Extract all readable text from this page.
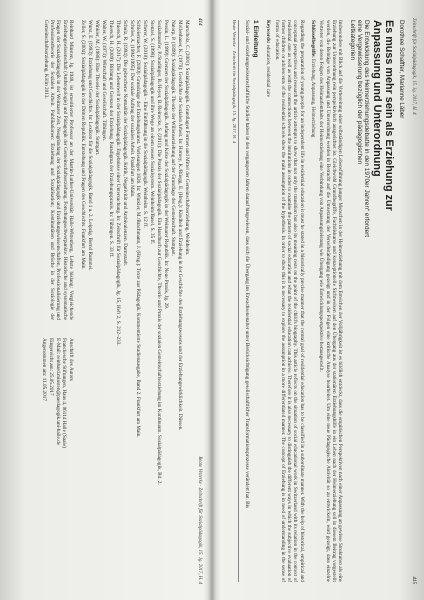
414
Beate Vetterke · Zeitschrift für Sozialpädagogik, 15. Jg. 2017, H. 4

Marxcholz, C. (2001): Sozialpädagogik. Grundlagen Formen und Mittel der Gemeinschaftserziehung. Weinheim.

Mollenhauer, K. (1970): Geschichte der Sozialen Arbeit. In: Homey, K./Rüegg, E. (Hrsg.): Kindheit und Erziehung in der Geschichte des Erziehungswesens und der Erziehungswirklichkeit. Düssen.

Natorp, P. (1899): Sozialpädagogik. Theorie der Willenserziehung auf der Grundlage der Gemeinschaft. Stuttgart.

Pessin, L. (1999): Grenzen der Sozialpädagogik. Anfang und Krise der Sozialpädagogik in der Weimarer Republik. In: Neue Praxis, Jg. 29.

Sozialtransfer, P./Stadinger, B./Heyer, B./Reinecke, S. (2011): Die Praxis der Sozialpädagogik. Ein Handbuch zur Geschichte, Theorie und Praxis der sozialen Gemeinschaftserziehung im Kontinuum. Sozialpädagogik, Bd. 2.

Stenzel, S. (1998): Sozialpädagogik und ihre Wege an einem neuen Sozialsystem. Weinheim/Basel, S. 35 ff.

Scherer, W. (2010): Sozialpädagogik – Eine Einführung in die Sozialpädagogik. Weinheim. S. 12 ff.

Schleiermacher, F. (2000): Grundzüge der Erziehungskunst. Vorlesungen 1826. In: Winkler, M./Brachmann, J. (Hrsg.): Texte zur Pädagogik. Kommentierte Studienausgabe, Band 2. Frankfurt am Main.

Schröer, A. (1994/1995): Der soziale Auftrag der sozialen Arbeit. Frankfurt am Main.

Schulz, R. (1994): Die gebrochene Normalität der Sozialpädagogik. Kritik, Negativität und Ambivalenzen. Darmstadt.

Thiersch, H. (2017): Die Lebenswelt in der Sozialpädagogik: Ergebnisse einer Untersuchung. In: Zeitschrift für Sozialpädagogik, Jg. 15, Heft 2, S. 212–233.

Thiersch, H. (2009): Bildung und Grenzen der Erziehung. Paradigma der Erziehungspraxis. In: Tübingen. S. 33 ff.

Walter, W. (1973): Wirtschaft und Gesellschaft. Tübingen.

Winkler, M. (1988): Eine Theorie der Sozialpädagogik. Stuttgart.

Wurst, E. (1993): Erziehung und Geschichte. In: Lexikon für die Sozialpädagogik. Band 1 u. 2. Leipzig. Bernd Rummel.

Zeller, S. (2004): Sozialpädagogik in der Dritten Republik. Entstehung und Fragen des Geschlechts. Frankfurt am Main.

Reinhard Minsten, Jg. 1948, ist emeritierter Professor an der Martin-Luther-Universität Halle-Wittenberg. Lehrte bislang: Vergleichende Erziehungswissenschaft (Anthropologie) und Pädagogik der Gemeinschaftserziehung. Forschungsschwerpunkte: Historische und systematische Fragen der Sozialpädagogik in der Weimarer Zeit, Neugründung der Sozialpädagogik und Erziehungswissenschaften, Professionalisierung und Professionstheorie der Sozialen Arbeit. Publikationen: Erziehung und Sozialisation; Kontinuitäten und Brüche in der Soziologie der Gemeinschaftserziehung, Kölln 2013.
Anschrift des Autors
Franckesche Stiftungen, Haus 4, 06114 Halle (Saale)
E-Mail: reinhard.minsten@paedagogik.uni-halle.de
Eingereicht am: 25.05.2017
Angenommen am: 11.05.2017
Zeitschrift für Sozialpädagogik, 15. Jg. 2017, H. 4
415
Dorothee Schaffter, Marianne Läber
Es muss mehr sein als Erziehung zur
Anpassung und Unterordnung
Die Entwicklung des Heimerziehungsdebatte in den 1970er Jahren“ erfordert
eine Vergewisserung bezüglich der pädagogischen
Leitkategorien
Insbesondere mit Blick auf die Vorbereitung einer selbständigen Lebensführung junger Menschen in der Heimerziehung mit dem Erreichen der Volljährigkeit ist es bildlich entdeckt, dass die empirischen Perspektiven nach einer Anpassung an gewisse Strukturen als eine Erziehung zur Unterordnung rein perspektivisch ausgerichtet ist. Gleichwohl Grundbegriffe, Fachdiskurse und konzeptionelle Sichtweisen auf den Übergang aus der stationären Erziehungshilfe in ein Leben nach der Heimerziehung soll in diesem Beitrag vorgestellt werden, die Beiträge von Anpassung und Unterordnung werden in Betracht auf die Umsetzung der Verselbständigung gezeigt und in der Folgen eine kritische Analyse bearbeitet. Um eine neue Pädagogische Aktivität so zu entwickeln, wird gezeigt, dass einzelne Vertreter von deren Folgen des Heimaufenthalts der Heimerziehung eine Verbindung von Anpassungsleistung wie Übergang wie Entwicklungsperspektive herausgestellt.
Schlüsselbegriffe: Erziehung, Anpassung, Heimerziehung
Regarding the preparation of young people for an independent life in residential education it must be stated in a historically precise manner that the central goal of residential education has to be classified in a subordinate manner. With the help of historical, empirical and conceptual perspectives and research the article attempts to show that not only the transition but also its meaning rests on the point of the child's biography. This article reflects on the situation of social educational work in Switzerland with its relation in the context of residential care as well as with the connections between the institutions in order to examine the pattern of social education and what the residential education can achieve. Therefore it is also necessary to distinguish the different ways in which the subjective evaluation of former children or adolescents of the residential schools show the main assumption of the hypothesis. In order to show this it is necessary to explore the assumption in a more differentiated manner. The concept of Erziehung is in need of understanding in the sense of forms of education.
Keywords: education, residential care
1 Einleitung
Sozial- und erziehungswissenschaftliche Studien haben in den vergangenen Jahren darauf hingewiesen, dass sich die Übergang ins Erwachsenenalter unter Berücksichtigung gesellschaftlicher Transformationsprozesse verändert hat. Bis
Beate Vetterke · Zeitschrift für Sozialpädagogik, 15. Jg. 2017, H. 4
